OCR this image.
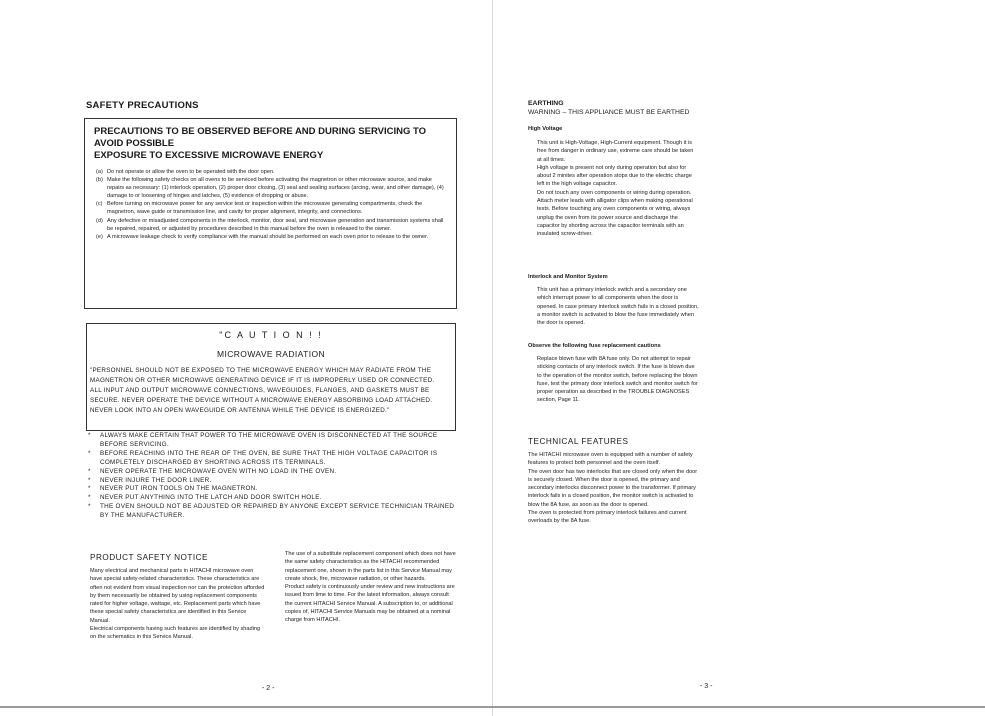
SAFETY PRECAUTIONS
PRECAUTIONS TO BE OBSERVED BEFORE AND DURING SERVICING TO AVOID POSSIBLE
EXPOSURE TO EXCESSIVE MICROWAVE ENERGY
(a) Do not operate or allow the oven to be operated with the door open.
(b) Make the following safety checks on all ovens to be serviced before activating the magnetron or other microwave source, and make repairs as necessary: (1) interlock operation, (2) proper door closing, (3) seal and sealing surfaces (arcing, wear, and other damage), (4) damage to or loosening of hinges and latches, (5) evidence of dropping or abuse.
(c) Before turning on microwave power for any service test or inspection within the microwave generating compartments, check the magnetron, wave guide or transmission line, and cavity for proper alignment, integrity, and connections.
(d) Any defective or misadjusted components in the interlock, monitor, door seal, and microwave generation and transmission systems shall be repaired, repaired, or adjusted by procedures described in this manual before the oven is released to the owner.
(e) A microwave leakage check to verify compliance with the manual should be performed on each oven prior to release to the owner.
"C A U T I O N ! !
MICROWAVE RADIATION
"PERSONNEL SHOULD NOT BE EXPOSED TO THE MICROWAVE ENERGY WHICH MAY RADIATE FROM THE
MAGNETRON OR OTHER MICROWAVE GENERATING DEVICE IF IT IS IMPROPERLY USED OR CONNECTED.
ALL INPUT AND OUTPUT MICROWAVE CONNECTIONS, WAVEGUIDES, FLANGES, AND GASKETS MUST BE
SECURE. NEVER OPERATE THE DEVICE WITHOUT A MICROWAVE ENERGY ABSORBING LOAD ATTACHED.
NEVER LOOK INTO AN OPEN WAVEGUIDE OR ANTENNA WHILE THE DEVICE IS ENERGIZED."
*	ALWAYS MAKE CERTAIN THAT POWER TO THE MICROWAVE OVEN IS DISCONNECTED AT THE SOURCE BEFORE SERVICING.
*	BEFORE REACHING INTO THE REAR OF THE OVEN, BE SURE THAT THE HIGH VOLTAGE CAPACITOR IS COMPLETELY DISCHARGED BY SHORTING ACROSS ITS TERMINALS.
*	NEVER OPERATE THE MICROWAVE OVEN WITH NO LOAD IN THE OVEN.
*	NEVER INJURE THE DOOR LINER.
*	NEVER PUT IRON TOOLS ON THE MAGNETRON.
*	NEVER PUT ANYTHING INTO THE LATCH AND DOOR SWITCH HOLE.
*	THE OVEN SHOULD NOT BE ADJUSTED OR REPAIRED BY ANYONE EXCEPT SERVICE TECHNICIAN TRAINED BY THE MANUFACTURER.
PRODUCT SAFETY NOTICE
Many electrical and mechanical parts in HITACHI microwave oven have special safety-related characteristics. These characteristics are often not evident from visual inspection nor can the protection afforded by them necessarily be obtained by using replacement components rated for higher voltage, wattage, etc. Replacement parts which have these special safety characteristics are identified in this Service Manual.
Electrical components having such features are identified by shading on the schematics in this Service Manual.
The use of a substitute replacement component which does not have the same safety characteristics as the HITACHI recommended replacement one, shown in the parts list in this Service Manual may create shock, fire, microwave radiation, or other hazards.
Product safety is continuously under review and new instructions are issued from time to time. For the latest information, always consult the current HITACHI Service Manual. A subscription to, or additional copies of, HITACHI Service Manuals may be obtained at a nominal charge from HITACHI.
- 2 -
EARTHING
WARNING – THIS APPLIANCE MUST BE EARTHED
High Voltage
This unit is High-Voltage, High-Current equipment. Though it is free from danger in ordinary use, extreme care should be taken at all times.
High voltage is present not only during operation but also for about 2 minites after operation stops due to the electric charge left in the high voltage capacitor.
Do not touch any oven components or wiring during operation. Attach meter leads with alligator clips when making operational tests. Before touching any oven components or wiring, always unplug the oven from its power source and discharge the capacitor by shorting across the capacitor terminals with an insulated screw-driver.
Interlock and Monitor System
This unit has a primary interlock switch and a secondary one which interrupt power to all components when the door is opened. In case primary interlock switch fails in a closed position, a monitor switch is activated to blow the fuse immediately when the door is opened.
Observe the following fuse replacement cautions
Replace blown fuse with 8A fuse only. Do not attempt to repair sticking contacts of any interlock switch. If the fuse is blown due to the operation of the monitor switch, before replacing the blown fuse, test the primary door interlock switch and monitor switch for proper operation as described in the TROUBLE DIAGNOSES section, Page 11.
TECHNICAL FEATURES
The HITACHI microwave oven is equipped with a number of safety features to protect both personnel and the oven itself.
The oven door has two interlocks that are closed only when the door is securely closed. When the door is opened, the primary and secondary interlocks disconnect power to the transformer. If primary interlock fails in a closed position, the monitor switch is activated to blow the 8A fuse, as soon as the door is opened.
The oven is protected from primary interlock failures and current overloads by the 8A fuse.
- 3 -
